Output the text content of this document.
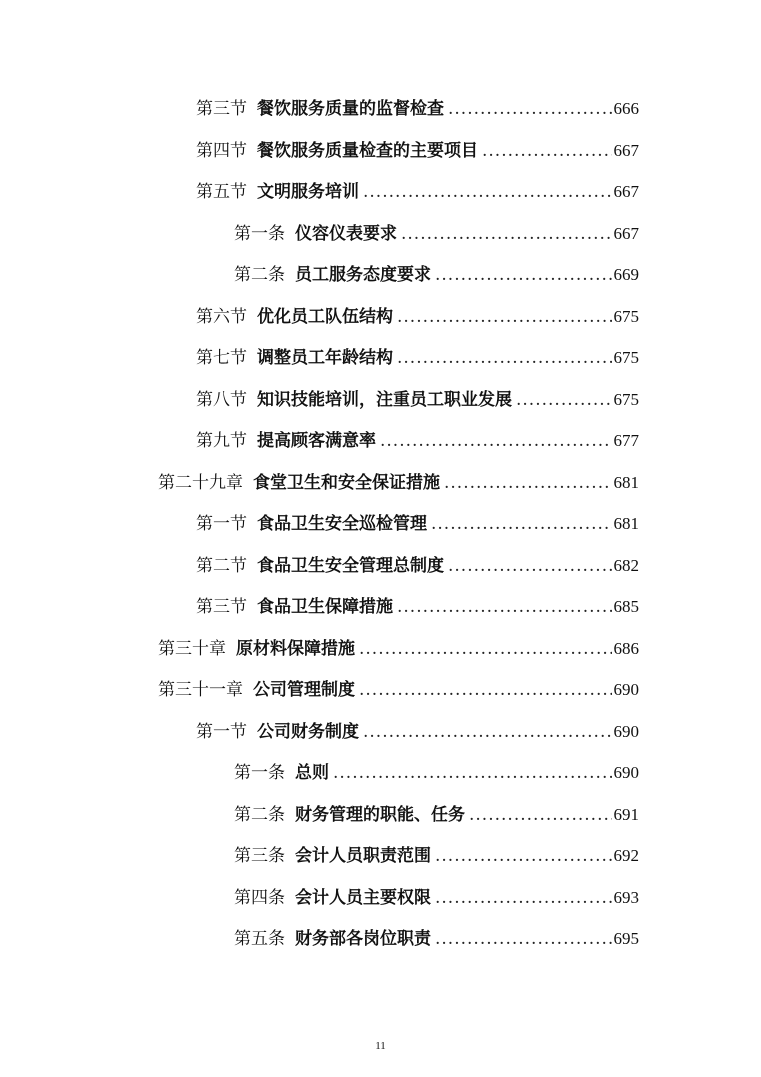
第三节 餐饮服务质量的监督检查 .....	666
第四节 餐饮服务质量检查的主要项目 .....	667
第五节 文明服务培训 .....	667
第一条 仪容仪表要求 .....	667
第二条 员工服务态度要求 .....	669
第六节 优化员工队伍结构 .....	675
第七节 调整员工年龄结构 .....	675
第八节 知识技能培训，注重员工职业发展 .....	675
第九节 提高顾客满意率 .....	677
第二十九章 食堂卫生和安全保证措施 .....	681
第一节 食品卫生安全巡检管理 .....	681
第二节 食品卫生安全管理总制度 .....	682
第三节 食品卫生保障措施 .....	685
第三十章 原材料保障措施 .....	686
第三十一章 公司管理制度 .....	690
第一节 公司财务制度 .....	690
第一条 总则 .....	690
第二条 财务管理的职能、任务 .....	691
第三条 会计人员职责范围 .....	692
第四条 会计人员主要权限 .....	693
第五条 财务部各岗位职责 .....	695
11
